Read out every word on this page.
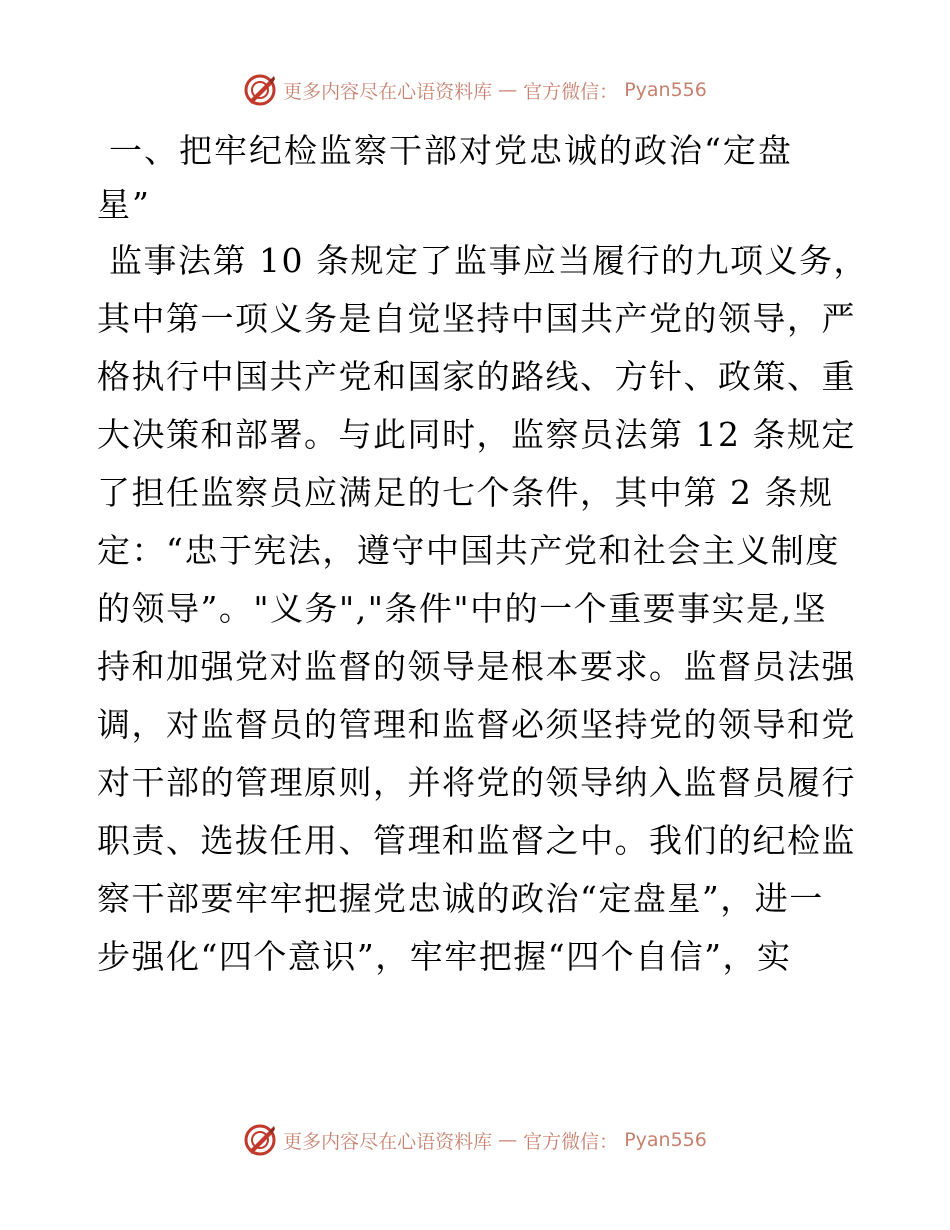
更多内容尽在心语资料库 — 官方微信： Pyan556
一、把牢纪检监察干部对党忠诚的政治“定盘
星”
监事法第 10 条规定了监事应当履行的九项义务，
其中第一项义务是自觉坚持中国共产党的领导，严
格执行中国共产党和国家的路线、方针、政策、重
大决策和部署。与此同时，监察员法第 12 条规定
了担任监察员应满足的七个条件，其中第 2 条规
定：“忠于宪法，遵守中国共产党和社会主义制度
的领导”。"义务","条件"中的一个重要事实是,坚
持和加强党对监督的领导是根本要求。监督员法强
调，对监督员的管理和监督必须坚持党的领导和党
对干部的管理原则，并将党的领导纳入监督员履行
职责、选拔任用、管理和监督之中。我们的纪检监
察干部要牢牢把握党忠诚的政治“定盘星”，进一
步强化“四个意识”，牢牢把握“四个自信”，实
更多内容尽在心语资料库 — 官方微信： Pyan556
